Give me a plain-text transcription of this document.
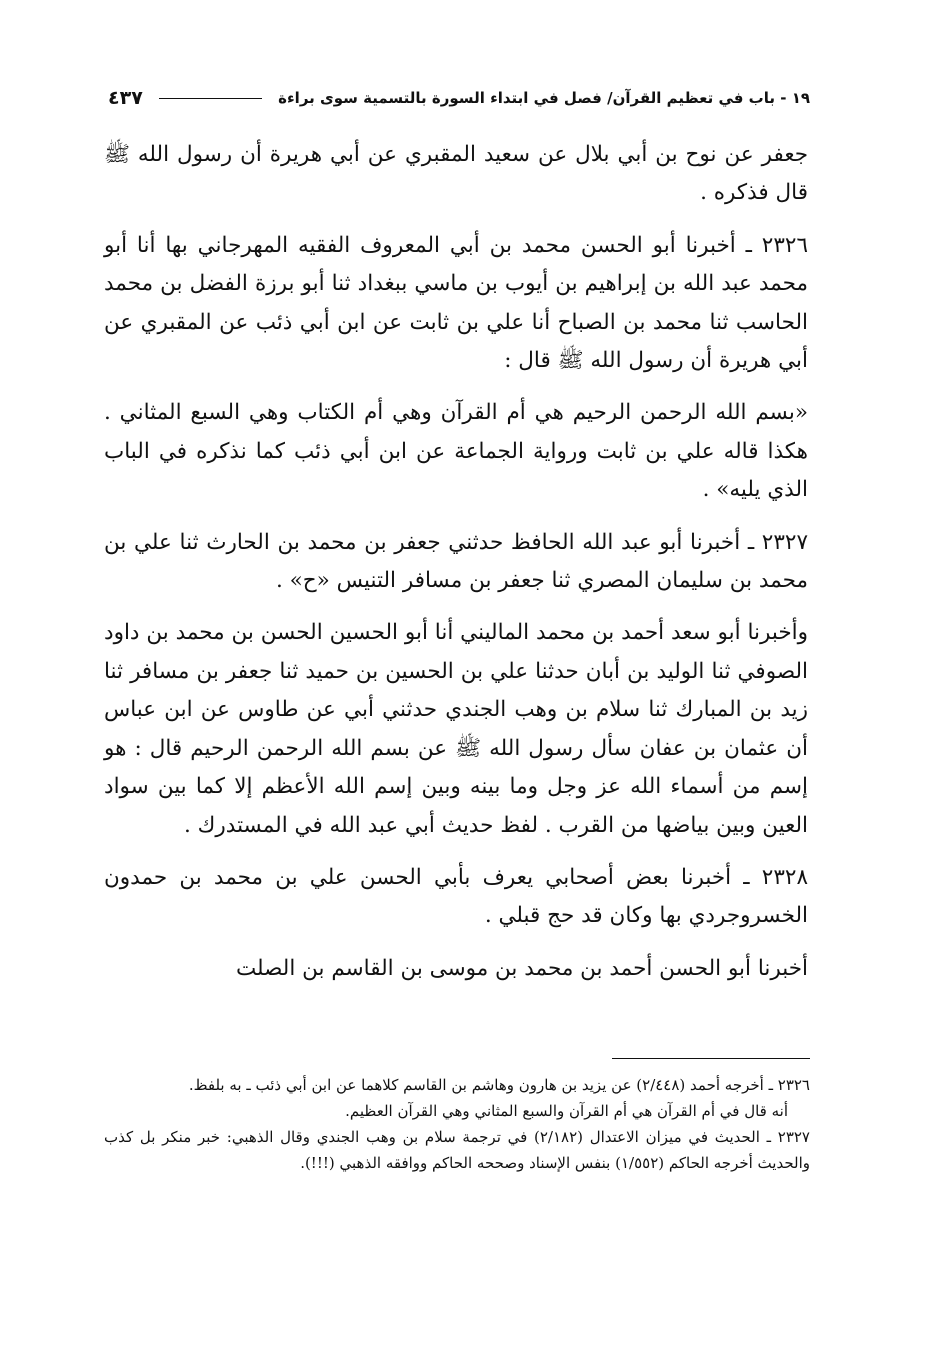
١٩ - باب في تعظيم القرآن/ فصل في ابتداء السورة بالتسمية سوى براءة
٤٣٧

جعفر عن نوح بن أبي بلال عن سعيد المقبري عن أبي هريرة أن رسول الله ﷺ قال فذكره .

٢٣٢٦ ـ أخبرنا أبو الحسن محمد بن أبي المعروف الفقيه المهرجاني بها أنا أبو محمد عبد الله بن إبراهيم بن أيوب بن ماسي ببغداد ثنا أبو برزة الفضل بن محمد الحاسب ثنا محمد بن الصباح أنا علي بن ثابت عن ابن أبي ذئب عن المقبري عن أبي هريرة أن رسول الله ﷺ قال :

«بسم الله الرحمن الرحيم هي أم القرآن وهي أم الكتاب وهي السبع المثاني . هكذا قاله علي بن ثابت ورواية الجماعة عن ابن أبي ذئب كما نذكره في الباب الذي يليه» .

٢٣٢٧ ـ أخبرنا أبو عبد الله الحافظ حدثني جعفر بن محمد بن الحارث ثنا علي بن محمد بن سليمان المصري ثنا جعفر بن مسافر التنيس «ح» .

وأخبرنا أبو سعد أحمد بن محمد الماليني أنا أبو الحسين الحسن بن محمد بن داود الصوفي ثنا الوليد بن أبان حدثنا علي بن الحسين بن حميد ثنا جعفر بن مسافر ثنا زيد بن المبارك ثنا سلام بن وهب الجندي حدثني أبي عن طاوس عن ابن عباس أن عثمان بن عفان سأل رسول الله ﷺ عن بسم الله الرحمن الرحيم قال : هو إسم من أسماء الله عز وجل وما بينه وبين إسم الله الأعظم إلا كما بين سواد العين وبين بياضها من القرب . لفظ حديث أبي عبد الله في المستدرك .

٢٣٢٨ ـ أخبرنا بعض أصحابي يعرف بأبي الحسن علي بن محمد بن حمدون الخسروجردي بها وكان قد حج قبلي .

أخبرنا أبو الحسن أحمد بن محمد بن موسى بن القاسم بن الصلت

٢٣٢٦ ـ أخرجه أحمد (٢/٤٤٨) عن يزيد بن هارون وهاشم بن القاسم كلاهما عن ابن أبي ذئب ـ به بلفظ.

أنه قال في أم القرآن هي أم القرآن والسبع المثاني وهي القرآن العظيم.

٢٣٢٧ ـ الحديث في ميزان الاعتدال (٢/١٨٢) في ترجمة سلام بن وهب الجندي وقال الذهبي: خبر منكر بل كذب والحديث أخرجه الحاكم (١/٥٥٢) بنفس الإسناد وصححه الحاكم ووافقه الذهبي (!!!).
